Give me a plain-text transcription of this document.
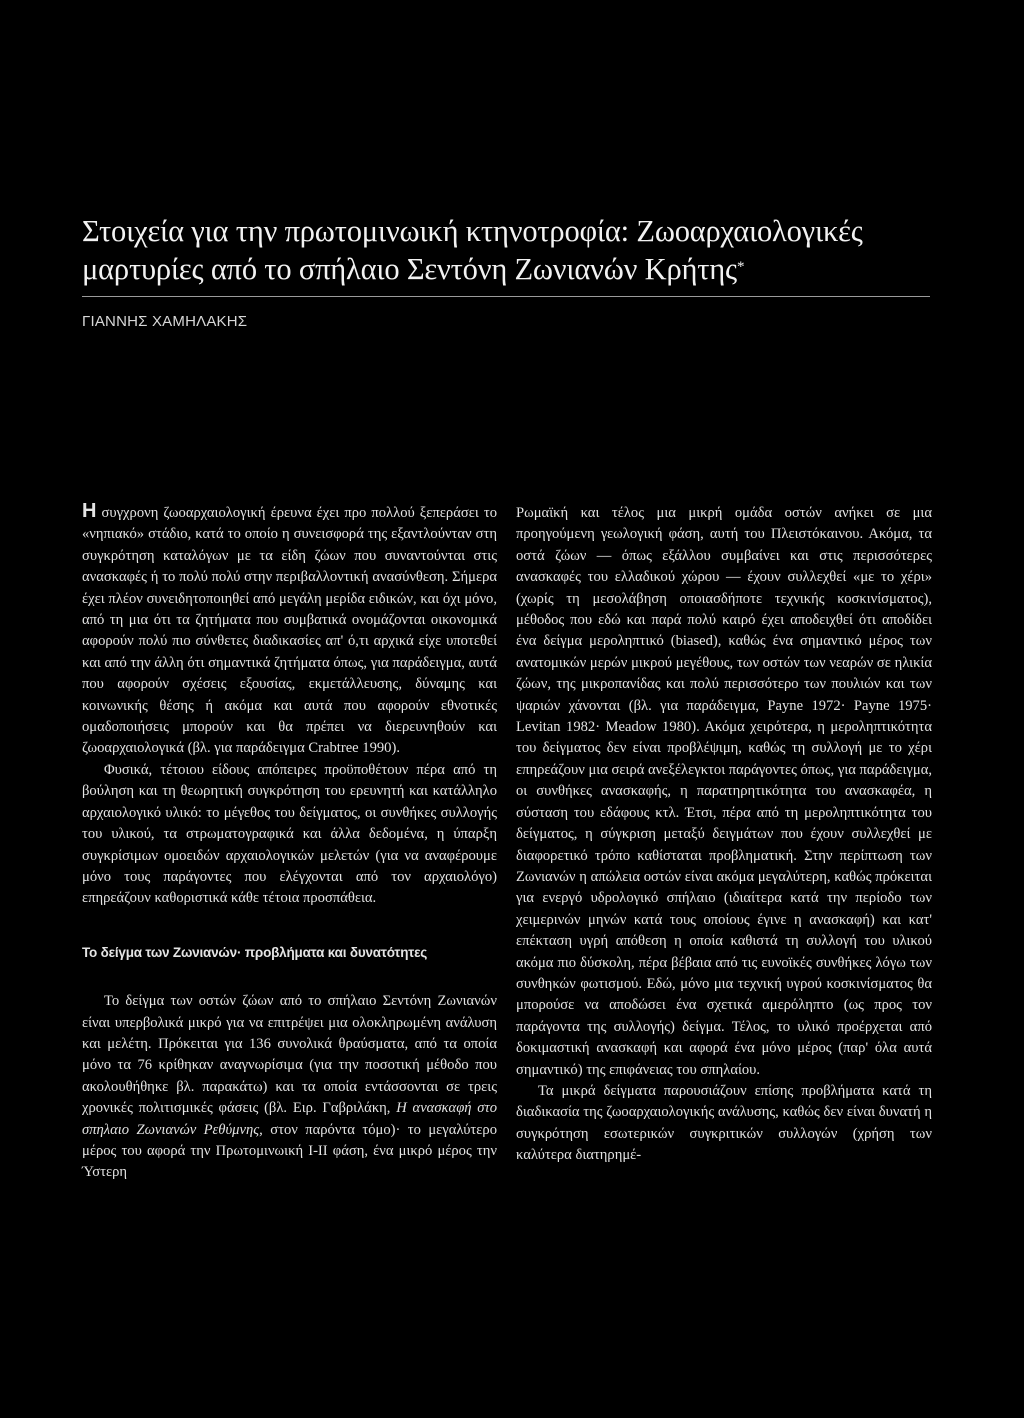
Στοιχεία για την πρωτομινωική κτηνοτροφία: Ζωοαρχαιολογικές μαρτυρίες από το σπήλαιο Σεντόνη Ζωνιανών Κρήτης*
ΓΙΑΝΝΗΣ ΧΑΜΗΛΑΚΗΣ

Η συγχρονη ζωοαρχαιολογική έρευνα έχει προ πολλού ξεπεράσει το «νηπιακό» στάδιο, κατά το οποίο η συνεισφορά της εξαντλούνταν στη συγκρότηση καταλόγων με τα είδη ζώων που συναντούνται στις ανασκαφές ή το πολύ πολύ στην περιβαλλοντική ανασύνθεση. Σήμερα έχει πλέον συνειδητοποιηθεί από μεγάλη μερίδα ειδικών, και όχι μόνο, από τη μια ότι τα ζητήματα που συμβατικά ονομάζονται οικονομικά αφορούν πολύ πιο σύνθετες διαδικασίες απ' ό,τι αρχικά είχε υποτεθεί και από την άλλη ότι σημαντικά ζητήματα όπως, για παράδειγμα, αυτά που αφορούν σχέσεις εξουσίας, εκμετάλλευσης, δύναμης και κοινωνικής θέσης ή ακόμα και αυτά που αφορούν εθνοτικές ομαδοποιήσεις μπορούν και θα πρέπει να διερευνηθούν και ζωοαρχαιολογικά (βλ. για παράδειγμα Crabtree 1990).

Φυσικά, τέτοιου είδους απόπειρες προϋποθέτουν πέρα από τη βούληση και τη θεωρητική συγκρότηση του ερευνητή και κατάλληλο αρχαιολογικό υλικό: το μέγεθος του δείγματος, οι συνθήκες συλλογής του υλικού, τα στρωματογραφικά και άλλα δεδομένα, η ύπαρξη συγκρίσιμων ομοειδών αρχαιολογικών μελετών (για να αναφέρουμε μόνο τους παράγοντες που ελέγχονται από τον αρχαιολόγο) επηρεάζουν καθοριστικά κάθε τέτοια προσπάθεια.

Το δείγμα των Ζωνιανών· προβλήματα και δυνατότητες

Το δείγμα των οστών ζώων από το σπήλαιο Σεντόνη Ζωνιανών είναι υπερβολικά μικρό για να επιτρέψει μια ολοκληρωμένη ανάλυση και μελέτη. Πρόκειται για 136 συνολικά θραύσματα, από τα οποία μόνο τα 76 κρίθηκαν αναγνωρίσιμα (για την ποσοτική μέθοδο που ακολουθήθηκε βλ. παρακάτω) και τα οποία εντάσσονται σε τρεις χρονικές πολιτισμικές φάσεις (βλ. Ειρ. Γαβριλάκη, Η ανασκαφή στο σπηλαιο Ζωνιανών Ρεθύμνης, στον παρόντα τόμο)· το μεγαλύτερο μέρος του αφορά την Πρωτομινωική Ι-ΙΙ φάση, ένα μικρό μέρος την Ύστερη

Ρωμαϊκή και τέλος μια μικρή ομάδα οστών ανήκει σε μια προηγούμενη γεωλογική φάση, αυτή του Πλειστόκαινου. Ακόμα, τα οστά ζώων — όπως εξάλλου συμβαίνει και στις περισσότερες ανασκαφές του ελλαδικού χώρου — έχουν συλλεχθεί «με το χέρι» (χωρίς τη μεσολάβηση οποιασδήποτε τεχνικής κοσκινίσματος), μέθοδος που εδώ και παρά πολύ καιρό έχει αποδειχθεί ότι αποδίδει ένα δείγμα μεροληπτικό (biased), καθώς ένα σημαντικό μέρος των ανατομικών μερών μικρού μεγέθους, των οστών των νεαρών σε ηλικία ζώων, της μικροπανίδας και πολύ περισσότερο των πουλιών και των ψαριών χάνονται (βλ. για παράδειγμα, Payne 1972· Payne 1975· Levitan 1982· Meadow 1980). Ακόμα χειρότερα, η μεροληπτικότητα του δείγματος δεν είναι προβλέψιμη, καθώς τη συλλογή με το χέρι επηρεάζουν μια σειρά ανεξέλεγκτοι παράγοντες όπως, για παράδειγμα, οι συνθήκες ανασκαφής, η παρατηρητικότητα του ανασκαφέα, η σύσταση του εδάφους κτλ. Έτσι, πέρα από τη μεροληπτικότητα του δείγματος, η σύγκριση μεταξύ δειγμάτων που έχουν συλλεχθεί με διαφορετικό τρόπο καθίσταται προβληματική. Στην περίπτωση των Ζωνιανών η απώλεια οστών είναι ακόμα μεγαλύτερη, καθώς πρόκειται για ενεργό υδρολογικό σπήλαιο (ιδιαίτερα κατά την περίοδο των χειμερινών μηνών κατά τους οποίους έγινε η ανασκαφή) και κατ' επέκταση υγρή απόθεση η οποία καθιστά τη συλλογή του υλικού ακόμα πιο δύσκολη, πέρα βέβαια από τις ευνοϊκές συνθήκες λόγω των συνθηκών φωτισμού. Εδώ, μόνο μια τεχνική υγρού κοσκινίσματος θα μπορούσε να αποδώσει ένα σχετικά αμερόληπτο (ως προς τον παράγοντα της συλλογής) δείγμα. Τέλος, το υλικό προέρχεται από δοκιμαστική ανασκαφή και αφορά ένα μόνο μέρος (παρ' όλα αυτά σημαντικό) της επιφάνειας του σπηλαίου.

Τα μικρά δείγματα παρουσιάζουν επίσης προβλήματα κατά τη διαδικασία της ζωοαρχαιολογικής ανάλυσης, καθώς δεν είναι δυνατή η συγκρότηση εσωτερικών συγκριτικών συλλογών (χρήση των καλύτερα διατηρημέ-
